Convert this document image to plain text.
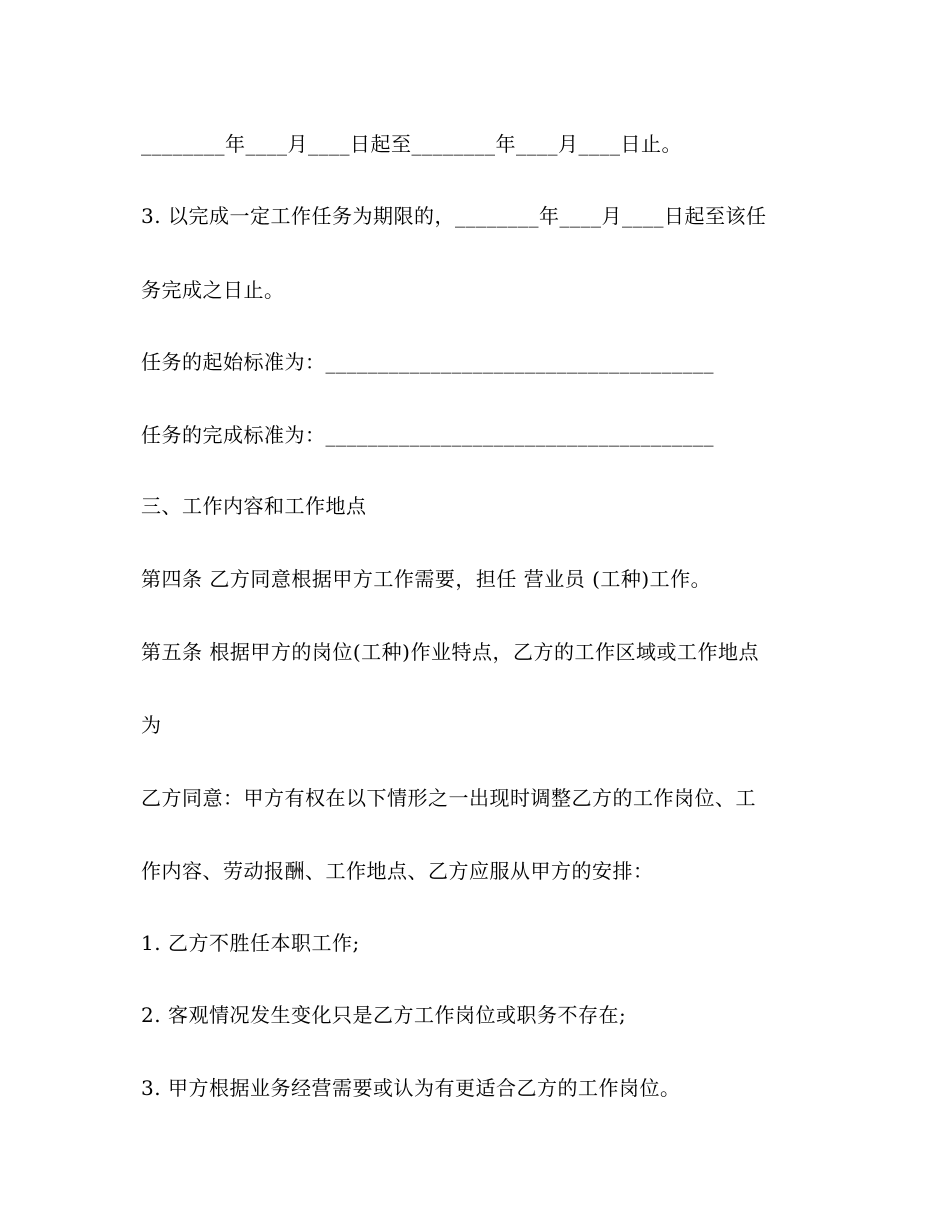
________年____月____日起至________年____月____日止。
3. 以完成一定工作任务为期限的，________年____月____日起至该任
务完成之日止。
任务的起始标准为：_____________________________________
任务的完成标准为：_____________________________________
三、工作内容和工作地点
第四条 乙方同意根据甲方工作需要，担任 营业员 (工种)工作。
第五条 根据甲方的岗位(工种)作业特点，乙方的工作区域或工作地点
为
乙方同意：甲方有权在以下情形之一出现时调整乙方的工作岗位、工
作内容、劳动报酬、工作地点、乙方应服从甲方的安排：
1. 乙方不胜任本职工作;
2. 客观情况发生变化只是乙方工作岗位或职务不存在;
3. 甲方根据业务经营需要或认为有更适合乙方的工作岗位。
